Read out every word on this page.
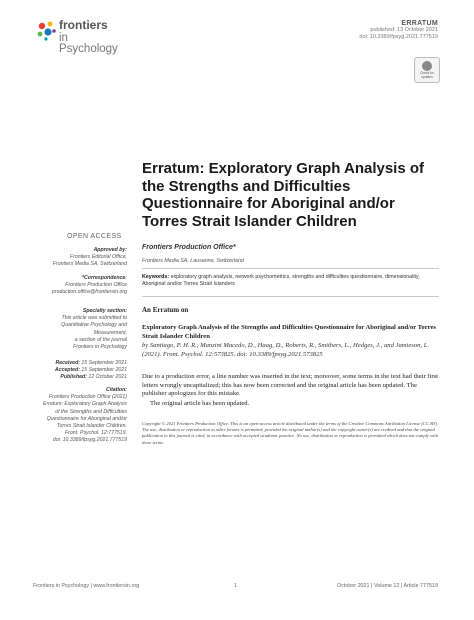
frontiers
in Psychology
ERRATUM
published: 13 October 2021
doi: 10.3389/fpsyg.2021.777519
Check for
updates
Erratum: Exploratory Graph Analysis of the Strengths and Difficulties Questionnaire for Aboriginal and/or Torres Strait Islander Children
OPEN ACCESS
Approved by:
Frontiers Editorial Office,
Frontiers Media SA, Switzerland
*Correspondence:
Frontiers Production Office
production.office@frontiersin.org
Specialty section:
This article was submitted to
Quantitative Psychology and
Measurement,
a section of the journal
Frontiers in Psychology
Received: 15 September 2021
Accepted: 15 September 2021
Published: 12 October 2021
Citation:
Frontiers Production Office (2021)
Erratum: Exploratory Graph Analysis
of the Strengths and Difficulties
Questionnaire for Aboriginal and/or
Torres Strait Islander Children.
Front. Psychol. 12:777519.
doi: 10.3389/fpsyg.2021.777519
Frontiers Production Office*
Frontiers Media SA, Lausanne, Switzerland
Keywords: exploratory graph analysis, network psychometrics, strengths and difficulties questionnaire, dimensionality, Aboriginal and/or Torres Strait Islanders
An Erratum on
Exploratory Graph Analysis of the Strengths and Difficulties Questionnaire for Aboriginal and/or Torres Strait Islander Children
by Santiago, P. H. R., Manzini Macedo, D., Haag, D., Roberts, R., Smithers, L., Hedges, J., and Jamieson, L. (2021). Front. Psychol. 12:573825. doi: 10.3389/fpsyg.2021.573825
Due to a production error, a line number was inserted in the text; moreover, some terms in the text had their first letters wrongly uncapitalized; this has now been corrected and the original article has been updated. The publisher apologizes for this mistake.
The original article has been updated.
Copyright © 2021 Frontiers Production Office. This is an open-access article distributed under the terms of the Creative Commons Attribution License (CC BY). The use, distribution or reproduction in other forums is permitted, provided the original author(s) and the copyright owner(s) are credited and that the original publication in this journal is cited, in accordance with accepted academic practice. No use, distribution or reproduction is permitted which does not comply with these terms.
Frontiers in Psychology | www.frontiersin.org	1	October 2021 | Volume 12 | Article 777519
